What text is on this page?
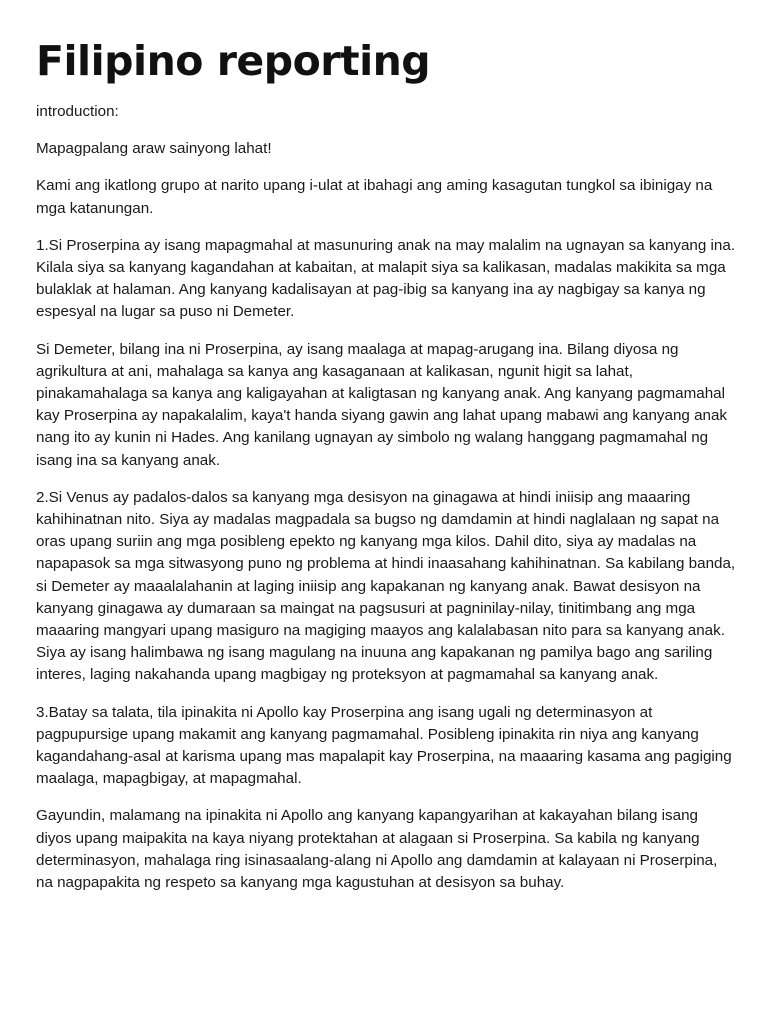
Filipino reporting

introduction:

Mapagpalang araw sainyong lahat!

Kami ang ikatlong grupo at narito upang i-ulat at ibahagi ang aming kasagutan tungkol sa ibinigay na mga katanungan.

1.Si Proserpina ay isang mapagmahal at masunuring anak na may malalim na ugnayan sa kanyang ina. Kilala siya sa kanyang kagandahan at kabaitan, at malapit siya sa kalikasan, madalas makikita sa mga bulaklak at halaman. Ang kanyang kadalisayan at pag-ibig sa kanyang ina ay nagbigay sa kanya ng espesyal na lugar sa puso ni Demeter.

Si Demeter, bilang ina ni Proserpina, ay isang maalaga at mapag-arugang ina. Bilang diyosa ng agrikultura at ani, mahalaga sa kanya ang kasaganaan at kalikasan, ngunit higit sa lahat, pinakamahalaga sa kanya ang kaligayahan at kaligtasan ng kanyang anak. Ang kanyang pagmamahal kay Proserpina ay napakalalim, kaya't handa siyang gawin ang lahat upang mabawi ang kanyang anak nang ito ay kunin ni Hades. Ang kanilang ugnayan ay simbolo ng walang hanggang pagmamahal ng isang ina sa kanyang anak.

2.Si Venus ay padalos-dalos sa kanyang mga desisyon na ginagawa at hindi iniisip ang maaaring kahihinatnan nito. Siya ay madalas magpadala sa bugso ng damdamin at hindi naglalaan ng sapat na oras upang suriin ang mga posibleng epekto ng kanyang mga kilos. Dahil dito, siya ay madalas na napapasok sa mga sitwasyong puno ng problema at hindi inaasahang kahihinatnan. Sa kabilang banda, si Demeter ay maaalalahanin at laging iniisip ang kapakanan ng kanyang anak. Bawat desisyon na kanyang ginagawa ay dumaraan sa maingat na pagsusuri at pagninilay-nilay, tinitimbang ang mga maaaring mangyari upang masiguro na magiging maayos ang kalalabasan nito para sa kanyang anak. Siya ay isang halimbawa ng isang magulang na inuuna ang kapakanan ng pamilya bago ang sariling interes, laging nakahanda upang magbigay ng proteksyon at pagmamahal sa kanyang anak.

3.Batay sa talata, tila ipinakita ni Apollo kay Proserpina ang isang ugali ng determinasyon at pagpupursige upang makamit ang kanyang pagmamahal. Posibleng ipinakita rin niya ang kanyang kagandahang-asal at karisma upang mas mapalapit kay Proserpina, na maaaring kasama ang pagiging maalaga, mapagbigay, at mapagmahal.

Gayundin, malamang na ipinakita ni Apollo ang kanyang kapangyarihan at kakayahan bilang isang diyos upang maipakita na kaya niyang protektahan at alagaan si Proserpina. Sa kabila ng kanyang determinasyon, mahalaga ring isinasaalang-alang ni Apollo ang damdamin at kalayaan ni Proserpina, na nagpapakita ng respeto sa kanyang mga kagustuhan at desisyon sa buhay.
